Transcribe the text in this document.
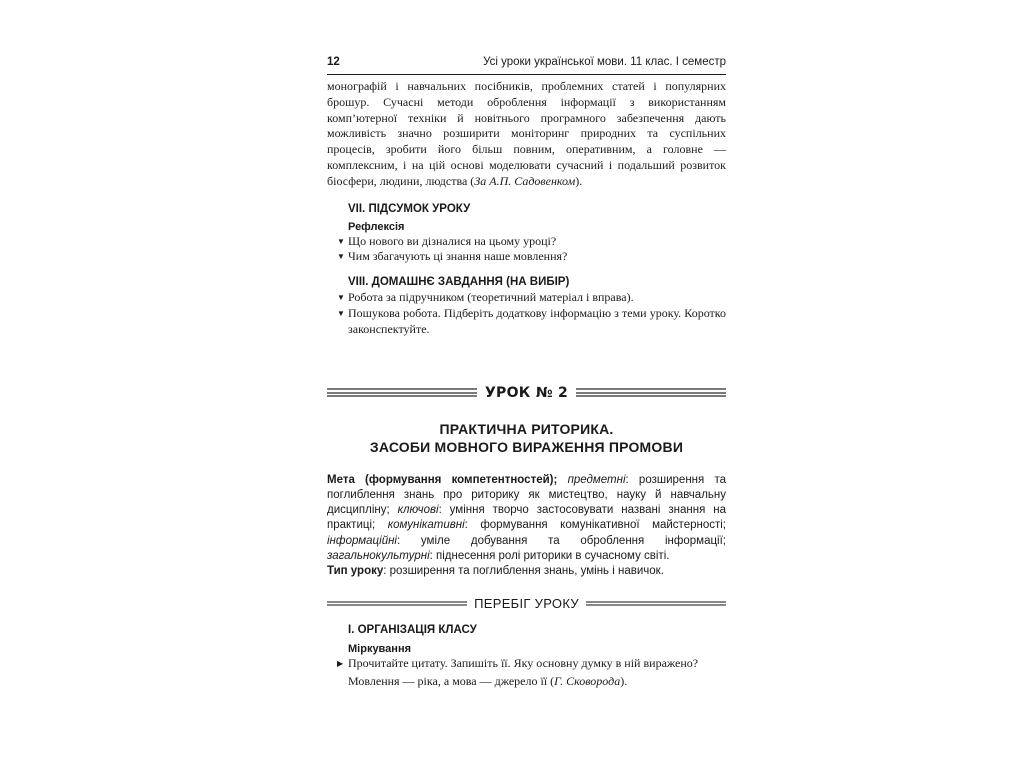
12	Усі уроки української мови. 11 клас. І семестр

монографій і навчальних посібників, проблемних статей і популярних брошур. Сучасні методи оброблення інформації з використанням комп’ютерної техніки й новітнього програмного забезпечення дають можливість значно розширити моніторинг природних та суспільних процесів, зробити його більш повним, оперативним, а головне — комплексним, і на цій основі моделювати сучасний і подальший розвиток біосфери, людини, людства (За А.П. Садовенком).

VII. ПІДСУМОК УРОКУ

Рефлексія

▼ Що нового ви дізналися на цьому уроці?
▼ Чим збагачують ці знання наше мовлення?

VIII. ДОМАШНЄ ЗАВДАННЯ (НА ВИБІР)

▼ Робота за підручником (теоретичний матеріал і вправа).
▼ Пошукова робота. Підберіть додаткову інформацію з теми уроку. Коротко законспектуйте.
УРОК № 2
ПРАКТИЧНА РИТОРИКА.
ЗАСОБИ МОВНОГО ВИРАЖЕННЯ ПРОМОВИ

Мета (формування компетентностей); предметні: розширення та поглиблення знань про риторику як мистецтво, науку й навчальну дисципліну; ключові: уміння творчо застосовувати названі знання на практиці; комунікативні: формування комунікативної майстерності; інформаційні: уміле добування та оброблення інформації; загальнокультурні: піднесення ролі риторики в сучасному світі.

Тип уроку: розширення та поглиблення знань, умінь і навичок.

ПЕРЕБІГ УРОКУ

I. ОРГАНІЗАЦІЯ КЛАСУ

Міркування

▶ Прочитайте цитату. Запишіть її. Яку основну думку в ній виражено?

Мовлення — ріка, а мова — джерело її (Г. Сковорода).
